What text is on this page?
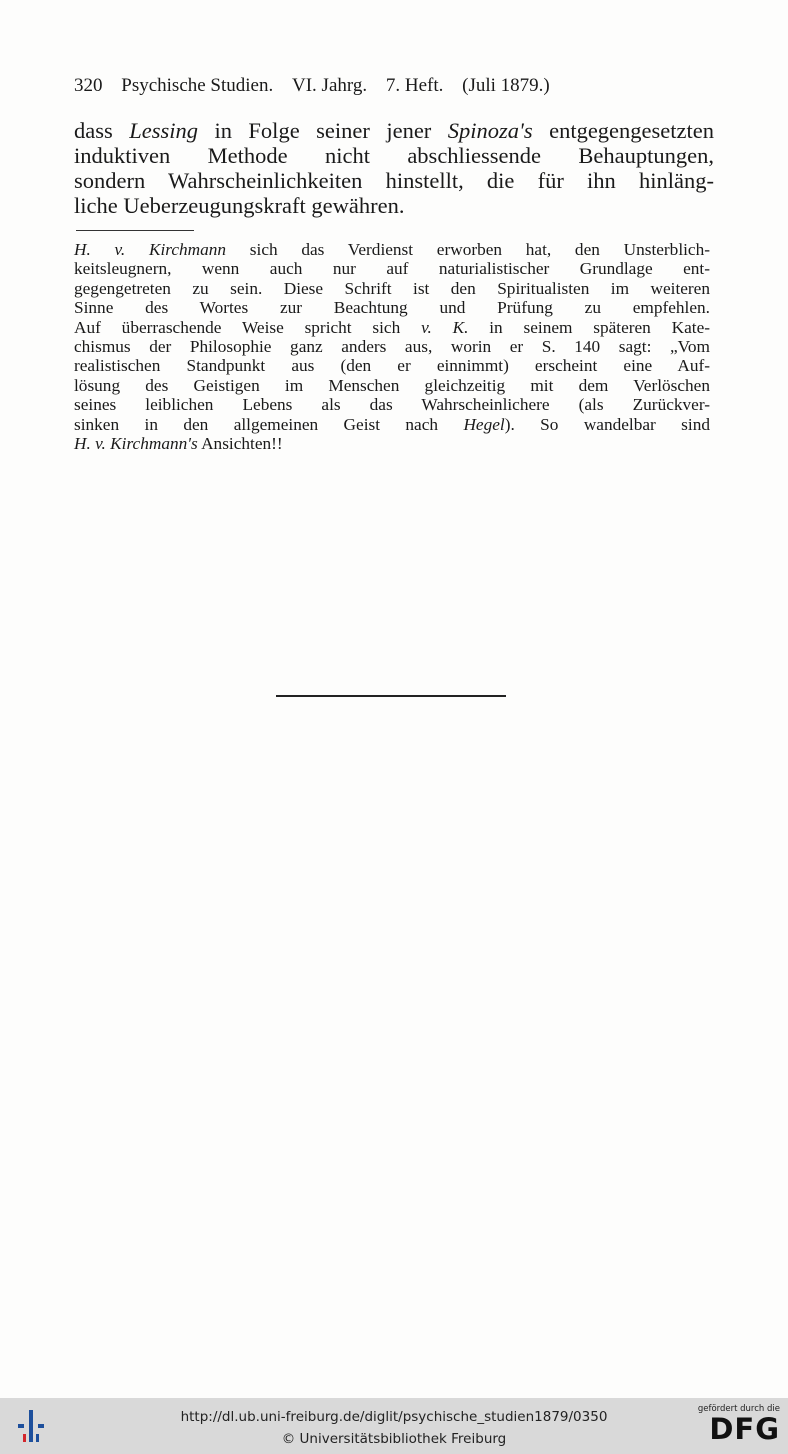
320 Psychische Studien. VI. Jahrg. 7. Heft. (Juli 1879.)
dass Lessing in Folge seiner jener Spinoza's entgegengesetzten
induktiven Methode nicht abschliessende Behauptungen,
sondern Wahrscheinlichkeiten hinstellt, die für ihn hinläng-
liche Ueberzeugungskraft gewähren.
H. v. Kirchmann sich das Verdienst erworben hat, den Unsterblich-
keitsleugnern, wenn auch nur auf naturialistischer Grundlage ent-
gegengetreten zu sein. Diese Schrift ist den Spiritualisten im weiteren
Sinne des Wortes zur Beachtung und Prüfung zu empfehlen.
Auf überraschende Weise spricht sich v. K. in seinem späteren Kate-
chismus der Philosophie ganz anders aus, worin er S. 140 sagt: „Vom
realistischen Standpunkt aus (den er einnimmt) erscheint eine Auf-
lösung des Geistigen im Menschen gleichzeitig mit dem Verlöschen
seines leiblichen Lebens als das Wahrscheinlichere (als Zurückver-
sinken in den allgemeinen Geist nach Hegel). So wandelbar sind
H. v. Kirchmann's Ansichten!!
http://dl.ub.uni-freiburg.de/diglit/psychische_studien1879/0350
© Universitätsbibliothek Freiburg
gefördert durch die
DFG
